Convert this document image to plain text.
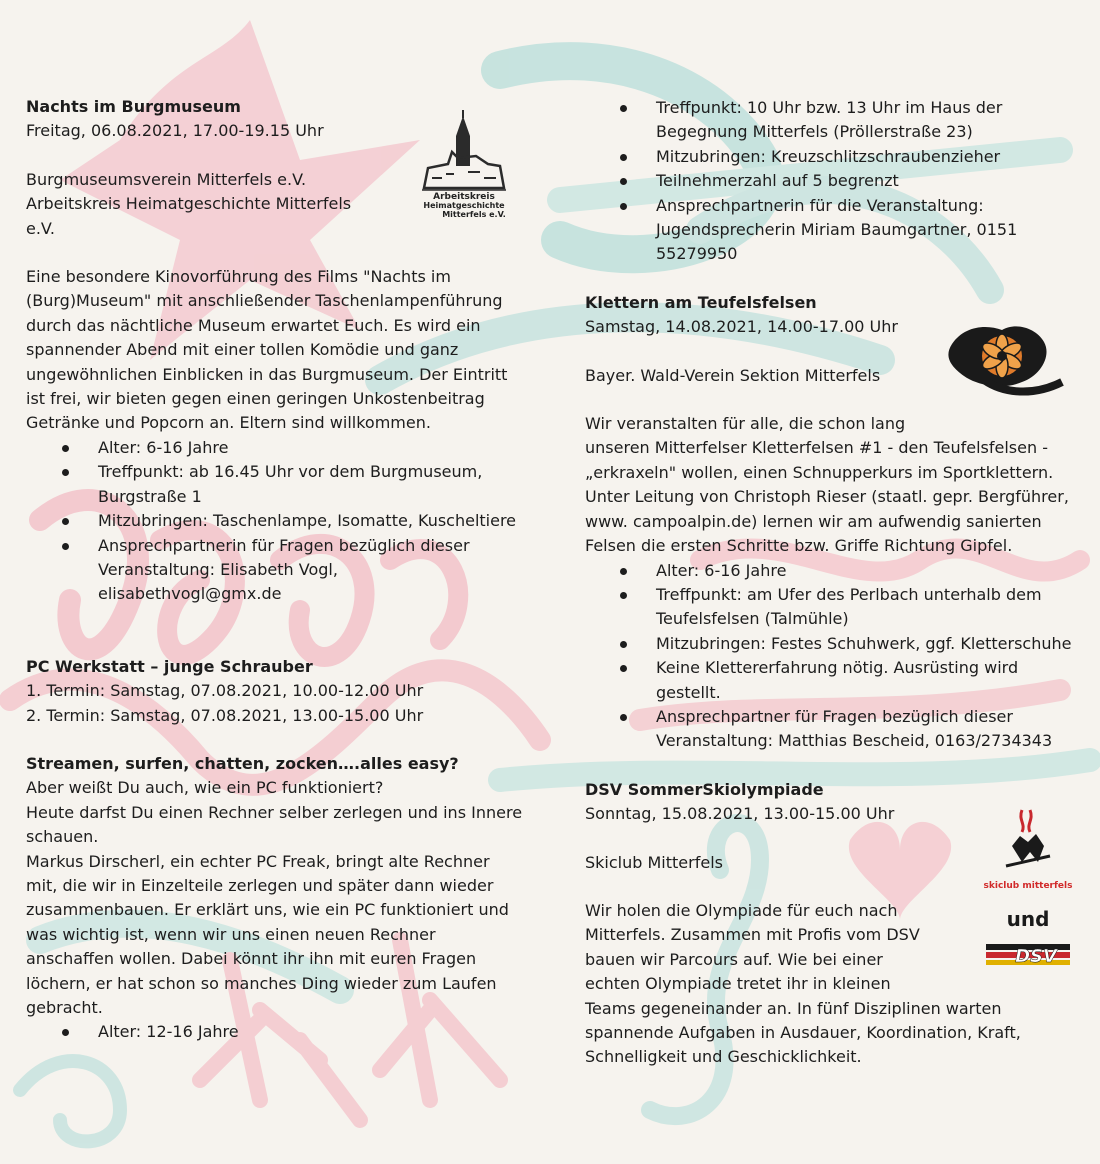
Nachts im Burgmuseum

Freitag, 06.08.2021, 17.00-19.15 Uhr

Burgmuseumsverein Mitterfels e.V.

Arbeitskreis Heimatgeschichte Mitterfels

e.V.

Eine besondere Kinovorführung des Films "Nachts im

(Burg)Museum" mit anschließender Taschenlampenführung

durch das nächtliche Museum erwartet Euch. Es wird ein

spannender Abend mit einer tollen Komödie und ganz

ungewöhnlichen Einblicken in das Burgmuseum. Der Eintritt

ist frei, wir bieten gegen einen geringen Unkostenbeitrag

Getränke und Popcorn an. Eltern sind willkommen.

Alter: 6-16 Jahre
Treffpunkt: ab 16.45 Uhr vor dem Burgmuseum,
Burgstraße 1
Mitzubringen: Taschenlampe, Isomatte, Kuscheltiere
Ansprechpartnerin für Fragen bezüglich dieser
Veranstaltung: Elisabeth Vogl,
elisabethvogl@gmx.de
PC Werkstatt – junge Schrauber

1. Termin: Samstag, 07.08.2021, 10.00-12.00 Uhr

2. Termin: Samstag, 07.08.2021, 13.00-15.00 Uhr

Streamen, surfen, chatten, zocken….alles easy?

Aber weißt Du auch, wie ein PC funktioniert?

Heute darfst Du einen Rechner selber zerlegen und ins Innere

schauen.

Markus Dirscherl, ein echter PC Freak, bringt alte Rechner

mit, die wir in Einzelteile zerlegen und später dann wieder

zusammenbauen. Er erklärt uns, wie ein PC funktioniert und

was wichtig ist, wenn wir uns einen neuen Rechner

anschaffen wollen. Dabei könnt ihr ihn mit euren Fragen

löchern, er hat schon so manches Ding wieder zum Laufen

gebracht.

Alter: 12-16 Jahre
Treffpunkt: 10 Uhr bzw. 13 Uhr im Haus der
Begegnung Mitterfels (Pröllerstraße 23)
Mitzubringen: Kreuzschlitzschraubenzieher
Teilnehmerzahl auf 5 begrenzt
Ansprechpartnerin für die Veranstaltung:
Jugendsprecherin Miriam Baumgartner, 0151
55279950
Klettern am Teufelsfelsen

Samstag, 14.08.2021, 14.00-17.00 Uhr

Bayer. Wald-Verein Sektion Mitterfels

Wir veranstalten für alle, die schon lang

unseren Mitterfelser Kletterfelsen #1 - den Teufelsfelsen -

„erkraxeln" wollen, einen Schnupperkurs im Sportklettern.

Unter Leitung von Christoph Rieser (staatl. gepr. Bergführer,

www. campoalpin.de) lernen wir am aufwendig sanierten

Felsen die ersten Schritte bzw. Griffe Richtung Gipfel.

Alter: 6-16 Jahre
Treffpunkt: am Ufer des Perlbach unterhalb dem
Teufelsfelsen (Talmühle)
Mitzubringen: Festes Schuhwerk, ggf. Kletterschuhe
Keine Klettererfahrung nötig. Ausrüsting wird
gestellt.
Ansprechpartner für Fragen bezüglich dieser
Veranstaltung: Matthias Bescheid, 0163/2734343
DSV SommerSkiolympiade

Sonntag, 15.08.2021, 13.00-15.00 Uhr

Skiclub Mitterfels

Wir holen die Olympiade für euch nach

Mitterfels. Zusammen mit Profis vom DSV

bauen wir Parcours auf. Wie bei einer

echten Olympiade tretet ihr in kleinen

Teams gegeneinander an. In fünf Disziplinen warten

spannende Aufgaben in Ausdauer, Koordination, Kraft,

Schnelligkeit und Geschicklichkeit.

Arbeitskreis
Heimatgeschichte
Mitterfels e.V.
skiclub mitterfels
und
DSV
